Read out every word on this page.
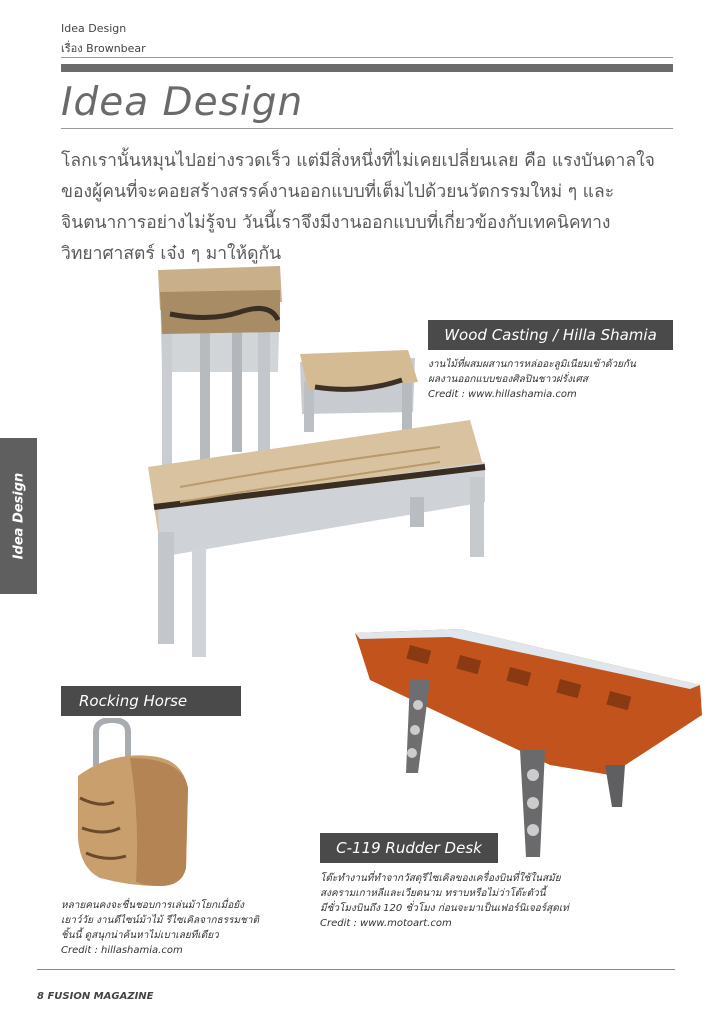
Idea Design
เรื่อง Brownbear
Idea Design
โลกเรานั้นหมุนไปอย่างรวดเร็ว แต่มีสิ่งหนึ่งที่ไม่เคยเปลี่ยนเลย คือ แรงบันดาลใจของผู้คนที่จะคอยสร้างสรรค์งานออกแบบที่เต็มไปด้วยนวัตกรรมใหม่ ๆ และจินตนาการอย่างไม่รู้จบ วันนี้เราจึงมีงานออกแบบที่เกี่ยวข้องกับเทคนิคทางวิทยาศาสตร์ เจ๋ง ๆ มาให้ดูกัน
Idea Design
Wood Casting / Hilla Shamia
งานไม้ที่ผสมผสานการหล่ออะลูมิเนียมเข้าด้วยกัน
ผลงานออกแบบของศิลปินชาวฝรั่งเศส
Credit : www.hillashamia.com
Rocking Horse
หลายคนคงจะชื่นชอบการเล่นม้าโยกเมื่อยัง
เยาว์วัย งานดีไซน์ม้าไม้ รีไซเคิลจากธรรมชาติ
ชิ้นนี้ ดูสนุกน่าค้นหาไม่เบาเลยทีเดียว
Credit : hillashamia.com
C-119 Rudder Desk
โต๊ะทำงานที่ทำจากวัสดุรีไซเคิลของเครื่องบินที่ใช้ในสมัย
สงครามเกาหลีและเวียดนาม ทราบหรือไม่ว่าโต๊ะตัวนี้
มีชั่วโมงบินถึง 120 ชั่วโมง ก่อนจะมาเป็นเฟอร์นิเจอร์สุดเท่
Credit : www.motoart.com
8 FUSION MAGAZINE
